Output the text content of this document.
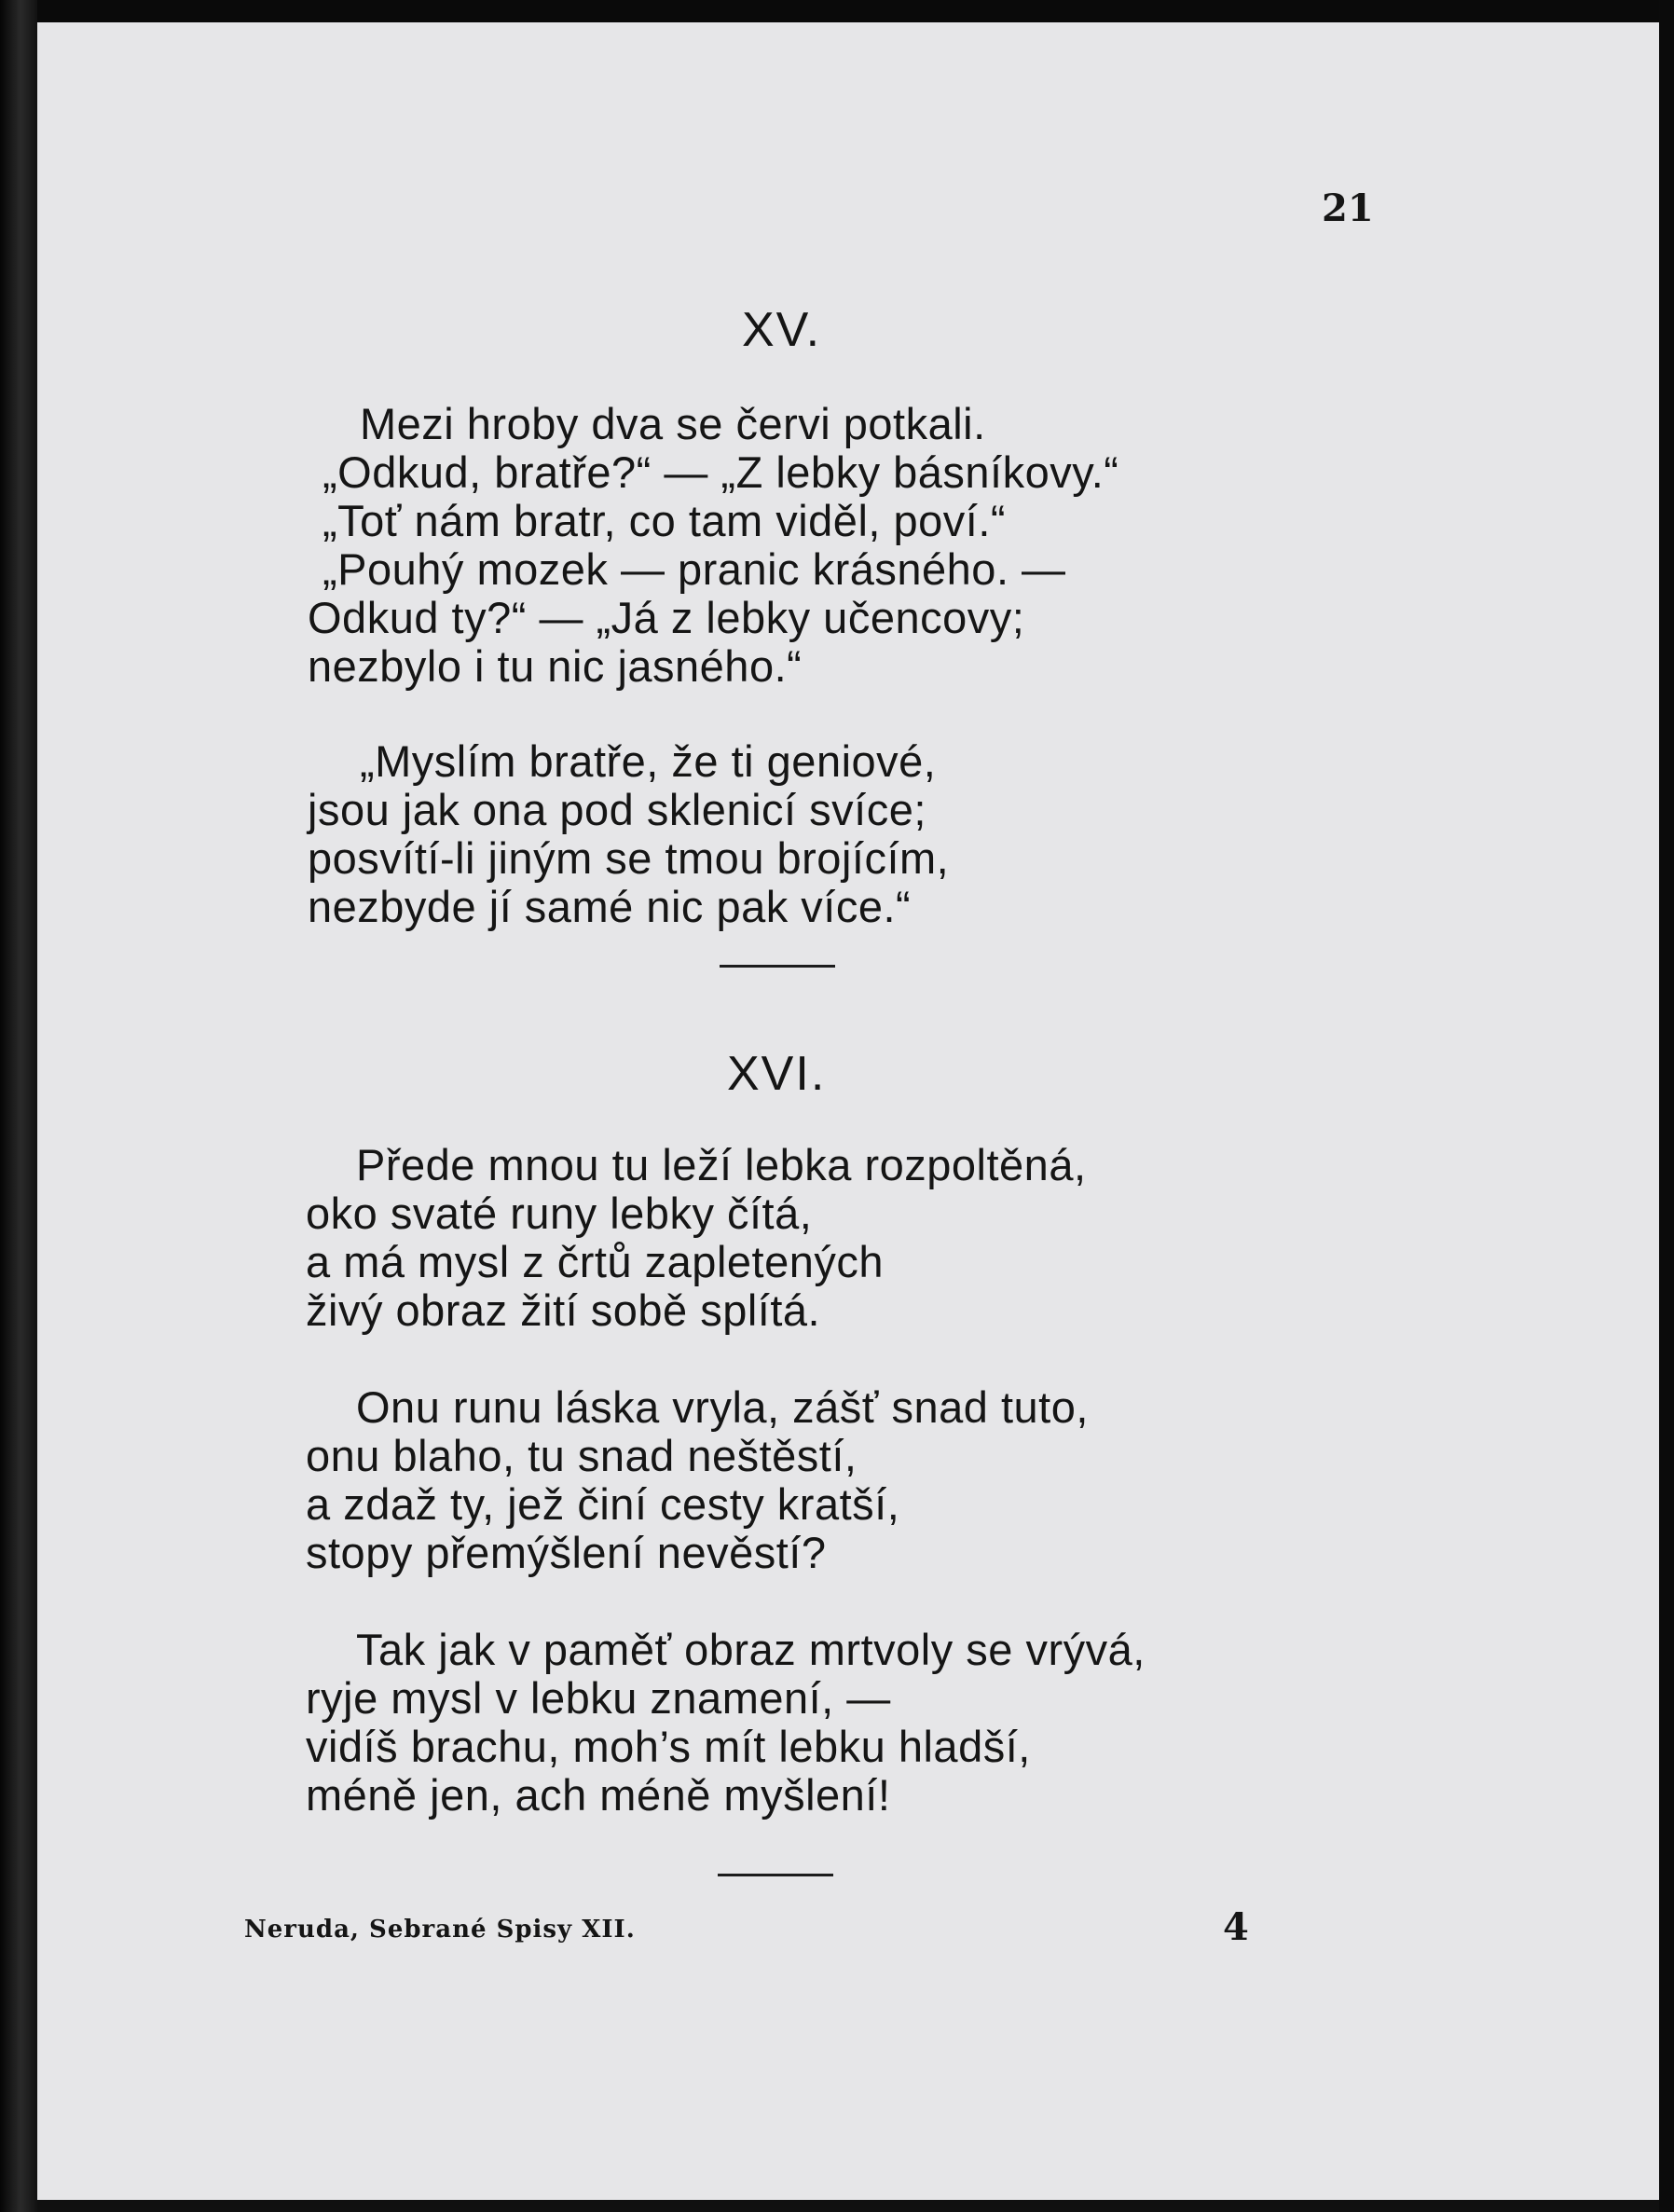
21
XV.
Mezi hroby dva se červi potkali.
„Odkud, bratře?“ — „Z lebky básníkovy.“
„Toť nám bratr, co tam viděl, poví.“
„Pouhý mozek — pranic krásného. —
Odkud ty?“ — „Já z lebky učencovy;
nezbylo i tu nic jasného.“
„Myslím bratře, že ti geniové,
jsou jak ona pod sklenicí svíce;
posvítí-li jiným se tmou brojícím,
nezbyde jí samé nic pak více.“
XVI.
Přede mnou tu leží lebka rozpoltěná,
oko svaté runy lebky čítá,
a má mysl z črtů zapletených
živý obraz žití sobě splítá.
Onu runu láska vryla, zášť snad tuto,
onu blaho, tu snad neštěstí,
a zdaž ty, jež činí cesty kratší,
stopy přemýšlení nevěstí?
Tak jak v paměť obraz mrtvoly se vrývá,
ryje mysl v lebku znamení, —
vidíš brachu, moh’s mít lebku hladší,
méně jen, ach méně myšlení!
Neruda, Sebrané Spisy XII.	4
